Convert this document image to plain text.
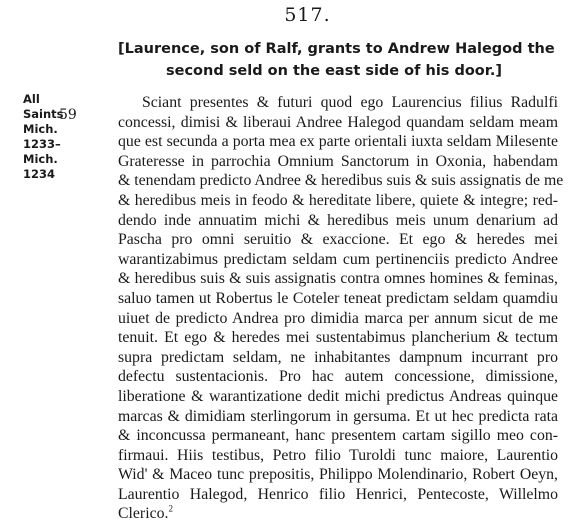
517.
[Laurence, son of Ralf, grants to Andrew Halegod the
second seld on the east side of his door.]
All
Saints
Mich.
1233–
Mich.
1234
59
Sciant presentes & futuri quod ego Laurencius filius Radulfi
concessi, dimisi & liberaui Andree Halegod quandam seldam meam
que est secunda a porta mea ex parte orientali iuxta seldam Milesente
Grateresse in parrochia Omnium Sanctorum in Oxonia, habendam
& tenendam predicto Andree & heredibus suis & suis assignatis de me
& heredibus meis in feodo & hereditate libere, quiete & integre; red-
dendo inde annuatim michi & heredibus meis unum denarium ad
Pascha pro omni seruitio & exaccione. Et ego & heredes mei
warantizabimus predictam seldam cum pertinenciis predicto Andree
& heredibus suis & suis assignatis contra omnes homines & feminas,
saluo tamen ut Robertus le Coteler teneat predictam seldam quamdiu
uiuet de predicto Andrea pro dimidia marca per annum sicut de me
tenuit. Et ego & heredes mei sustentabimus plancherium & tectum
supra predictam seldam, ne inhabitantes dampnum incurrant pro
defectu sustentacionis. Pro hac autem concessione, dimissione,
liberatione & warantizatione dedit michi predictus Andreas quinque
marcas & dimidiam sterlingorum in gersuma. Et ut hec predicta rata
& inconcussa permaneant, hanc presentem cartam sigillo meo con-
firmaui. Hiis testibus, Petro filio Turoldi tunc maiore, Laurentio
Wid' & Maceo tunc prepositis, Philippo Molendinario, Robert Oeyn,
Laurentio Halegod, Henrico filio Henrici, Pentecoste, Willelmo
Clerico.$^2$
